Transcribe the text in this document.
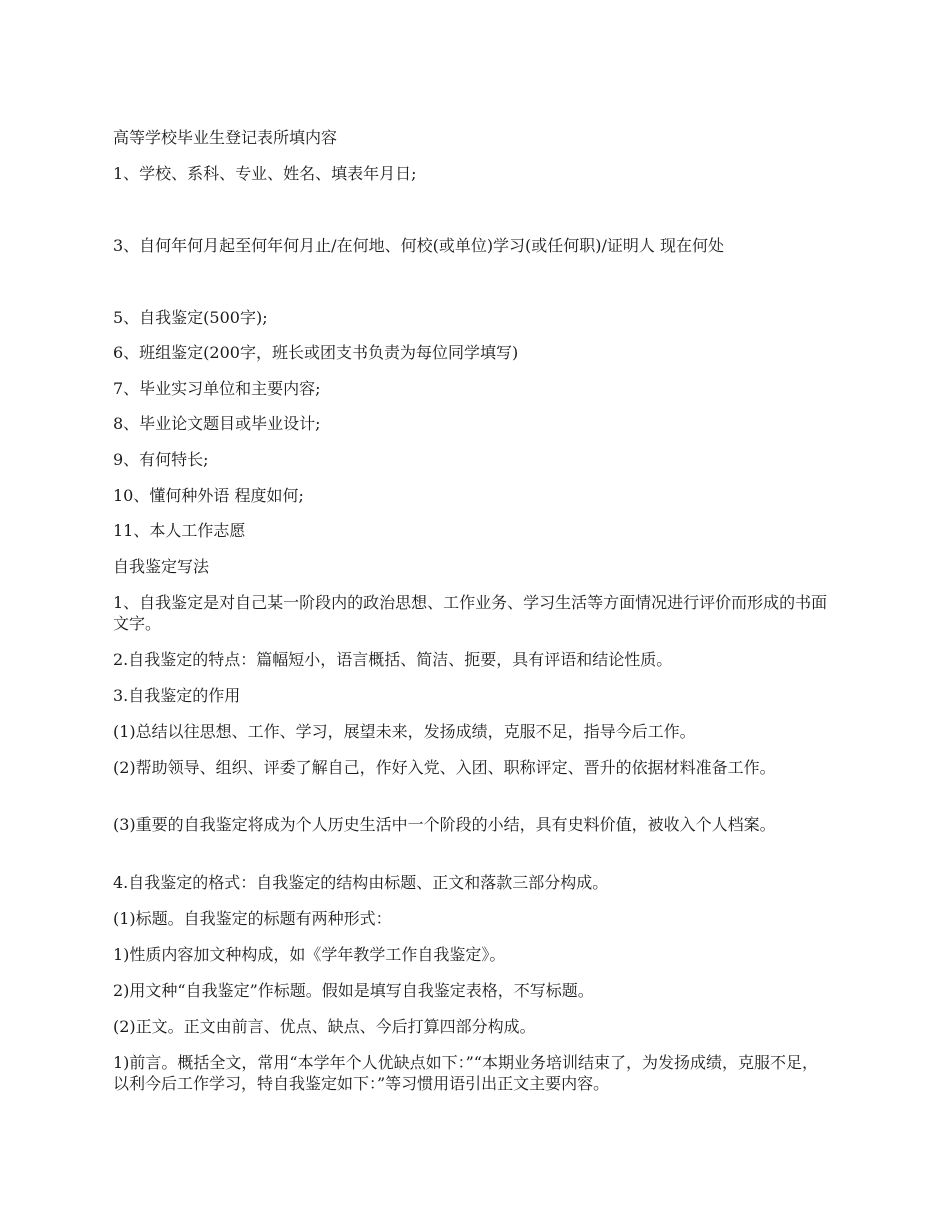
高等学校毕业生登记表所填内容
1、学校、系科、专业、姓名、填表年月日;
3、自何年何月起至何年何月止/在何地、何校(或单位)学习(或任何职)/证明人 现在何处
5、自我鉴定(500字);
6、班组鉴定(200字，班长或团支书负责为每位同学填写)
7、毕业实习单位和主要内容;
8、毕业论文题目或毕业设计;
9、有何特长;
10、懂何种外语 程度如何;
11、本人工作志愿
自我鉴定写法
1、自我鉴定是对自己某一阶段内的政治思想、工作业务、学习生活等方面情况进行评价而形成的书面文字。
2.自我鉴定的特点：篇幅短小，语言概括、简洁、扼要，具有评语和结论性质。
3.自我鉴定的作用
(1)总结以往思想、工作、学习，展望未来，发扬成绩，克服不足，指导今后工作。
(2)帮助领导、组织、评委了解自己，作好入党、入团、职称评定、晋升的依据材料准备工作。
(3)重要的自我鉴定将成为个人历史生活中一个阶段的小结，具有史料价值，被收入个人档案。
4.自我鉴定的格式：自我鉴定的结构由标题、正文和落款三部分构成。
(1)标题。自我鉴定的标题有两种形式：
1)性质内容加文种构成，如《学年教学工作自我鉴定》。
2)用文种“自我鉴定”作标题。假如是填写自我鉴定表格，不写标题。
(2)正文。正文由前言、优点、缺点、今后打算四部分构成。
1)前言。概括全文，常用“本学年个人优缺点如下：”“本期业务培训结束了，为发扬成绩，克服不足，以利今后工作学习，特自我鉴定如下：”等习惯用语引出正文主要内容。
